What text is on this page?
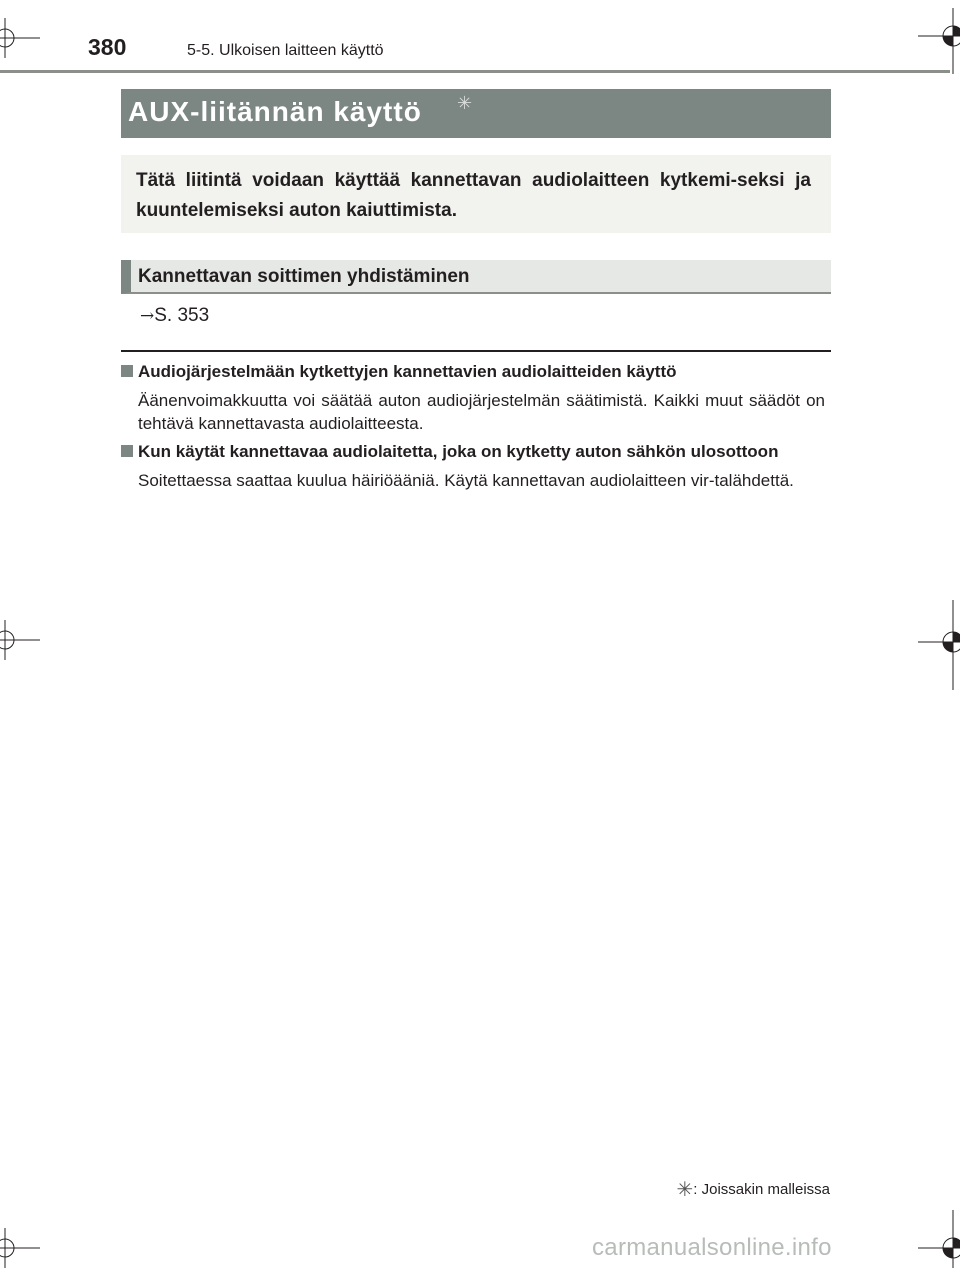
380	5-5. Ulkoisen laitteen käyttö
AUX-liitännän käyttö ✳
Tätä liitintä voidaan käyttää kannettavan audiolaitteen kytkemi-seksi ja kuuntelemiseksi auton kaiuttimista.
Kannettavan soittimen yhdistäminen
→S. 353
Audiojärjestelmään kytkettyjen kannettavien audiolaitteiden käyttö
Äänenvoimakkuutta voi säätää auton audiojärjestelmän säätimistä. Kaikki muut säädöt on tehtävä kannettavasta audiolaitteesta.
Kun käytät kannettavaa audiolaitetta, joka on kytketty auton sähkön ulosottoon
Soitettaessa saattaa kuulua häiriöääniä. Käytä kannettavan audiolaitteen vir-talähdettä.
✳: Joissakin malleissa
carmanualsonline.info
